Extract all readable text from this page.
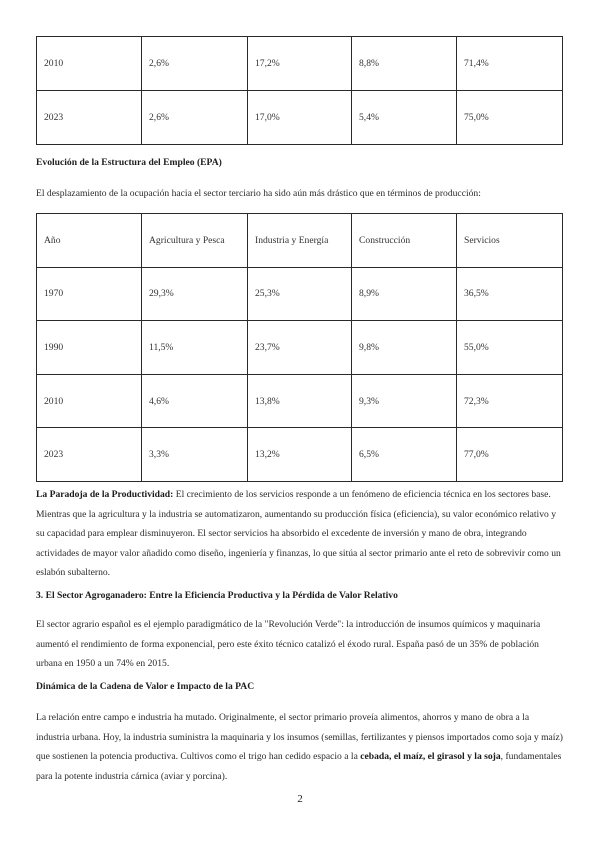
2010	2,6%	17,2%	8,8%	71,4%
2023	2,6%	17,0%	5,4%	75,0%

Evolución de la Estructura del Empleo (EPA)

El desplazamiento de la ocupación hacia el sector terciario ha sido aún más drástico que en términos de producción:

Año	Agricultura y Pesca	Industria y Energía	Construcción	Servicios
1970	29,3%	25,3%	8,9%	36,5%
1990	11,5%	23,7%	9,8%	55,0%
2010	4,6%	13,8%	9,3%	72,3%
2023	3,3%	13,2%	6,5%	77,0%

La Paradoja de la Productividad: El crecimiento de los servicios responde a un fenómeno de eficiencia técnica en los sectores base. Mientras que la agricultura y la industria se automatizaron, aumentando su producción física (eficiencia), su valor económico relativo y su capacidad para emplear disminuyeron. El sector servicios ha absorbido el excedente de inversión y mano de obra, integrando actividades de mayor valor añadido como diseño, ingeniería y finanzas, lo que sitúa al sector primario ante el reto de sobrevivir como un eslabón subalterno.

3. El Sector Agroganadero: Entre la Eficiencia Productiva y la Pérdida de Valor Relativo

El sector agrario español es el ejemplo paradigmático de la "Revolución Verde": la introducción de insumos químicos y maquinaria aumentó el rendimiento de forma exponencial, pero este éxito técnico catalizó el éxodo rural. España pasó de un 35% de población urbana en 1950 a un 74% en 2015.

Dinámica de la Cadena de Valor e Impacto de la PAC

La relación entre campo e industria ha mutado. Originalmente, el sector primario proveía alimentos, ahorros y mano de obra a la industria urbana. Hoy, la industria suministra la maquinaria y los insumos (semillas, fertilizantes y piensos importados como soja y maíz) que sostienen la potencia productiva. Cultivos como el trigo han cedido espacio a la cebada, el maíz, el girasol y la soja, fundamentales para la potente industria cárnica (aviar y porcina).

2
